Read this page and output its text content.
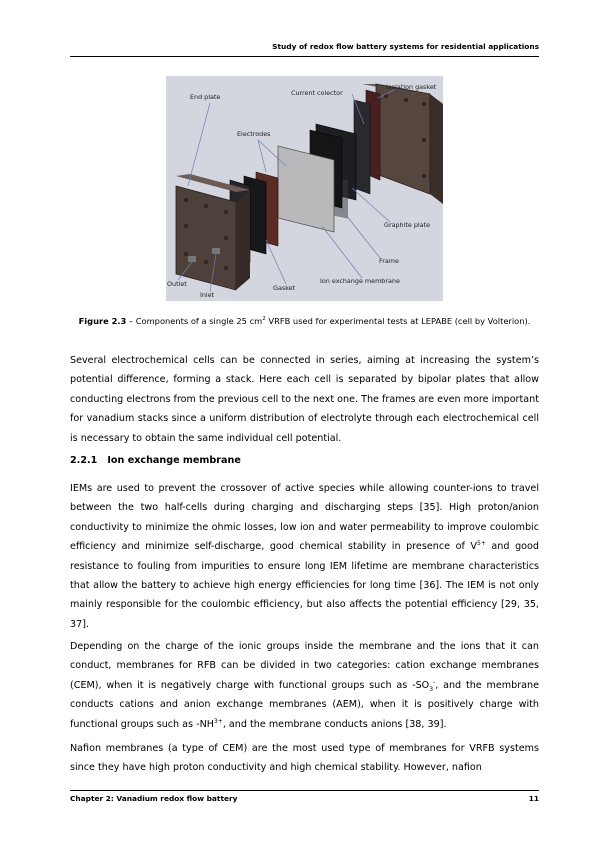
Study of redox flow battery systems for residential applications
End plate	Current colector
Isolation gasket
Electrodes
Graphite plate
Frame
Outlet
Inlet
Gasket
Ion exchange membrane
Figure 2.3 – Components of a single 25 $cm^2$ VRFB used for experimental tests at LEPABE (cell by Volterion).

Several electrochemical cells can be connected in series, aiming at increasing the system’s potential difference, forming a stack. Here each cell is separated by bipolar plates that allow conducting electrons from the previous cell to the next one. The frames are even more important for vanadium stacks since a uniform distribution of electrolyte through each electrochemical cell is necessary to obtain the same individual cell potential.

2.2.1 Ion exchange membrane

IEMs are used to prevent the crossover of active species while allowing counter-ions to travel between the two half-cells during charging and discharging steps [35]. High proton/anion conductivity to minimize the ohmic losses, low ion and water permeability to improve coulombic efficiency and minimize self-discharge, good chemical stability in presence of $V^{5+}$ and good resistance to fouling from impurities to ensure long IEM lifetime are membrane characteristics that allow the battery to achieve high energy efficiencies for long time [36]. The IEM is not only mainly responsible for the coulombic efficiency, but also affects the potential efficiency [29, 35, 37].

Depending on the charge of the ionic groups inside the membrane and the ions that it can conduct, membranes for RFB can be divided in two categories: cation exchange membranes (CEM), when it is negatively charge with functional groups such as $-SO_3^-$, and the membrane conducts cations and anion exchange membranes (AEM), when it is positively charge with functional groups such as $-NH^{3+}$, and the membrane conducts anions [38, 39].

Nafion membranes (a type of CEM) are the most used type of membranes for VRFB systems since they have high proton conductivity and high chemical stability. However, nafion

Chapter 2: Vanadium redox flow battery	11
